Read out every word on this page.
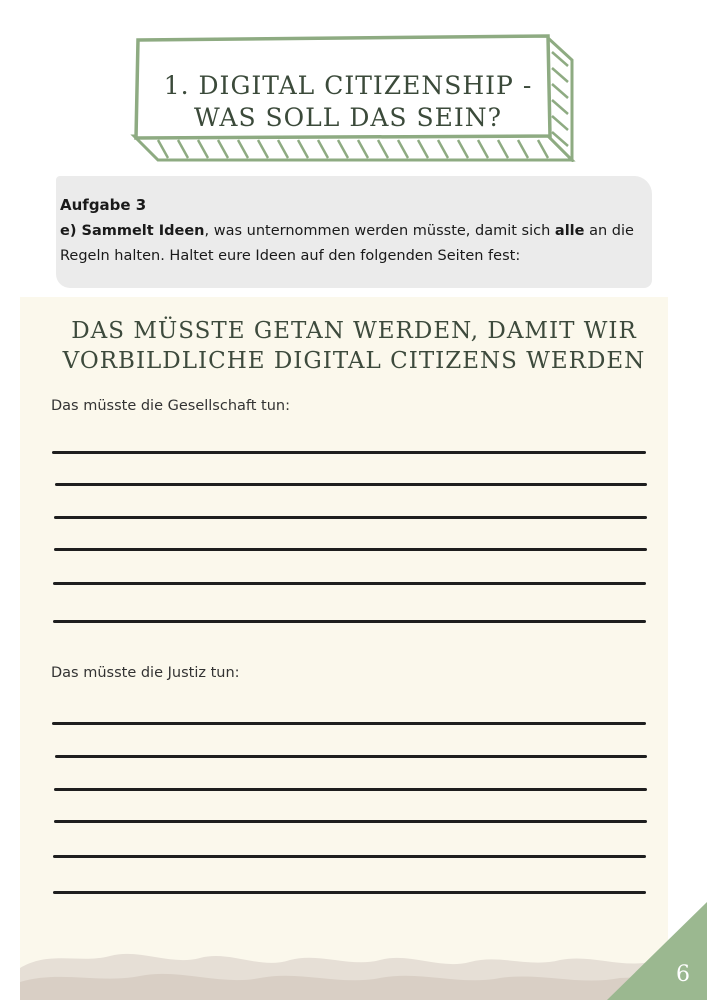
1. DIGITAL CITIZENSHIP - WAS SOLL DAS SEIN?
Aufgabe 3
e) Sammelt Ideen, was unternommen werden müsste, damit sich alle an die Regeln halten. Haltet eure Ideen auf den folgenden Seiten fest:
DAS MÜSSTE GETAN WERDEN, DAMIT WIR VORBILDLICHE DIGITAL CITIZENS WERDEN
Das müsste die Gesellschaft tun:
Das müsste die Justiz tun:
6
